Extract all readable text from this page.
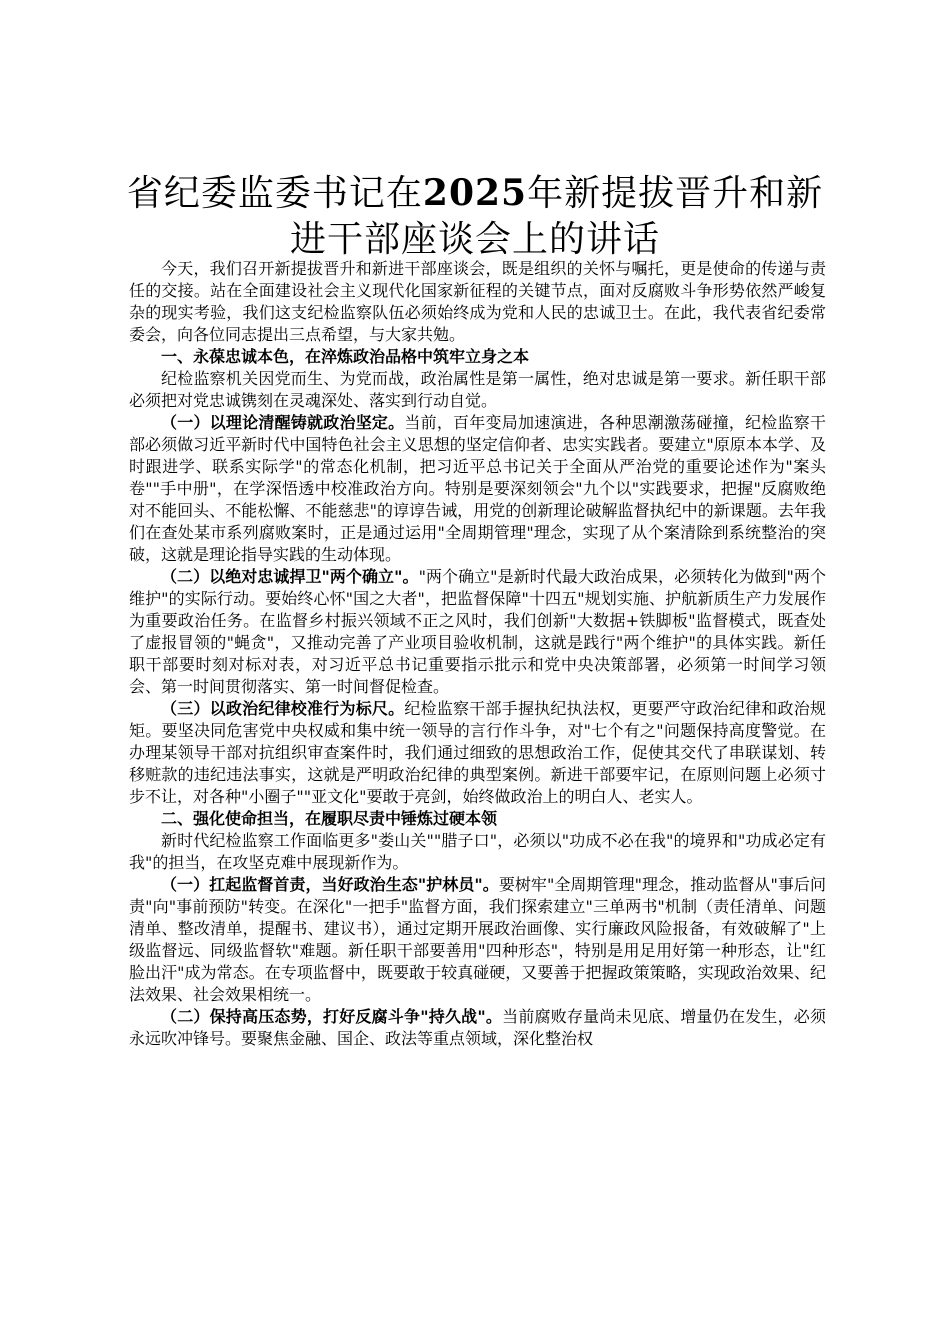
省纪委监委书记在2025年新提拔晋升和新进干部座谈会上的讲话

今天，我们召开新提拔晋升和新进干部座谈会，既是组织的关怀与嘱托，更是使命的传递与责任的交接。站在全面建设社会主义现代化国家新征程的关键节点，面对反腐败斗争形势依然严峻复杂的现实考验，我们这支纪检监察队伍必须始终成为党和人民的忠诚卫士。在此，我代表省纪委常委会，向各位同志提出三点希望，与大家共勉。

一、永葆忠诚本色，在淬炼政治品格中筑牢立身之本

纪检监察机关因党而生、为党而战，政治属性是第一属性，绝对忠诚是第一要求。新任职干部必须把对党忠诚镌刻在灵魂深处、落实到行动自觉。

（一）以理论清醒铸就政治坚定。当前，百年变局加速演进，各种思潮激荡碰撞，纪检监察干部必须做习近平新时代中国特色社会主义思想的坚定信仰者、忠实实践者。要建立"原原本本学、及时跟进学、联系实际学"的常态化机制，把习近平总书记关于全面从严治党的重要论述作为"案头卷""手中册"，在学深悟透中校准政治方向。特别是要深刻领会"九个以"实践要求，把握"反腐败绝对不能回头、不能松懈、不能慈悲"的谆谆告诫，用党的创新理论破解监督执纪中的新课题。去年我们在查处某市系列腐败案时，正是通过运用"全周期管理"理念，实现了从个案清除到系统整治的突破，这就是理论指导实践的生动体现。

（二）以绝对忠诚捍卫"两个确立"。"两个确立"是新时代最大政治成果，必须转化为做到"两个维护"的实际行动。要始终心怀"国之大者"，把监督保障"十四五"规划实施、护航新质生产力发展作为重要政治任务。在监督乡村振兴领域不正之风时，我们创新"大数据+铁脚板"监督模式，既查处了虚报冒领的"蝇贪"，又推动完善了产业项目验收机制，这就是践行"两个维护"的具体实践。新任职干部要时刻对标对表，对习近平总书记重要指示批示和党中央决策部署，必须第一时间学习领会、第一时间贯彻落实、第一时间督促检查。

（三）以政治纪律校准行为标尺。纪检监察干部手握执纪执法权，更要严守政治纪律和政治规矩。要坚决同危害党中央权威和集中统一领导的言行作斗争，对"七个有之"问题保持高度警觉。在办理某领导干部对抗组织审查案件时，我们通过细致的思想政治工作，促使其交代了串联谋划、转移赃款的违纪违法事实，这就是严明政治纪律的典型案例。新进干部要牢记，在原则问题上必须寸步不让，对各种"小圈子""亚文化"要敢于亮剑，始终做政治上的明白人、老实人。

二、强化使命担当，在履职尽责中锤炼过硬本领

新时代纪检监察工作面临更多"娄山关""腊子口"，必须以"功成不必在我"的境界和"功成必定有我"的担当，在攻坚克难中展现新作为。

（一）扛起监督首责，当好政治生态"护林员"。要树牢"全周期管理"理念，推动监督从"事后问责"向"事前预防"转变。在深化"一把手"监督方面，我们探索建立"三单两书"机制（责任清单、问题清单、整改清单，提醒书、建议书），通过定期开展政治画像、实行廉政风险报备，有效破解了"上级监督远、同级监督软"难题。新任职干部要善用"四种形态"，特别是用足用好第一种形态，让"红脸出汗"成为常态。在专项监督中，既要敢于较真碰硬，又要善于把握政策策略，实现政治效果、纪法效果、社会效果相统一。

（二）保持高压态势，打好反腐斗争"持久战"。当前腐败存量尚未见底、增量仍在发生，必须永远吹冲锋号。要聚焦金融、国企、政法等重点领域，深化整治权
